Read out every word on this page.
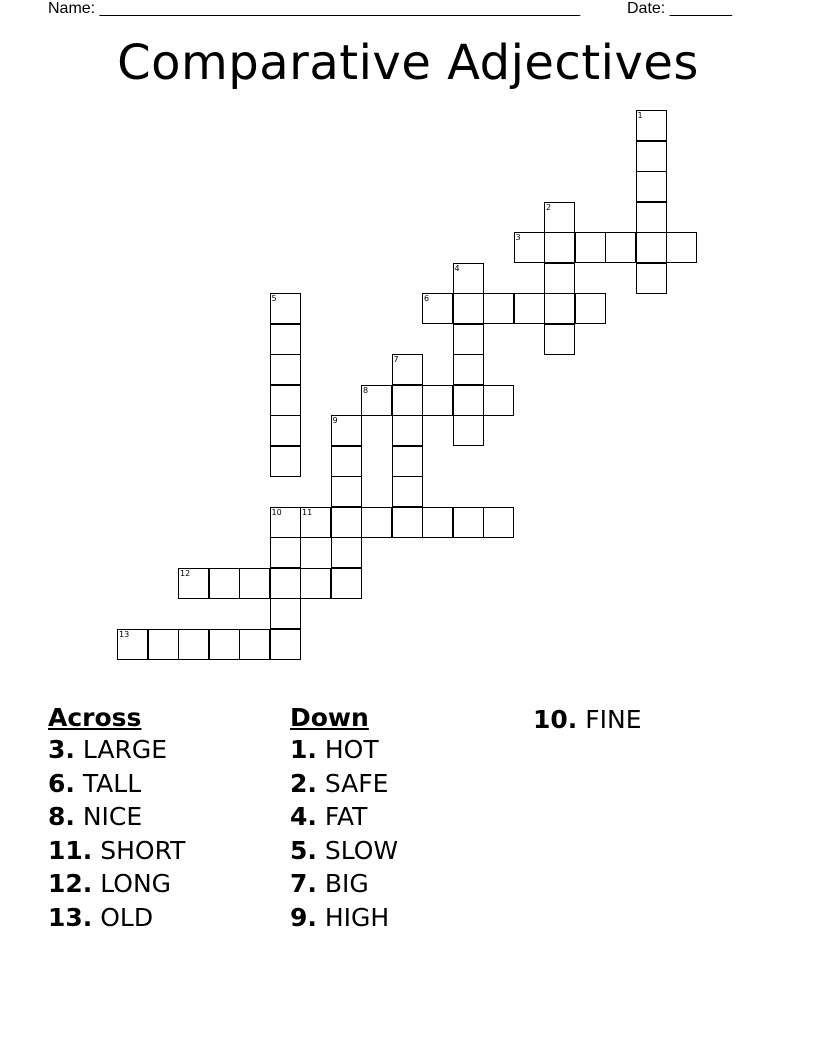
Name: ______________________________________________________	Date: _______
Comparative Adjectives
1
2
3
4
5	6
7
8
9
10	11
12
13
Across
3. LARGE
6. TALL
8. NICE
11. SHORT
12. LONG
13. OLD
Down
1. HOT
2. SAFE
4. FAT
5. SLOW
7. BIG
9. HIGH
10. FINE
